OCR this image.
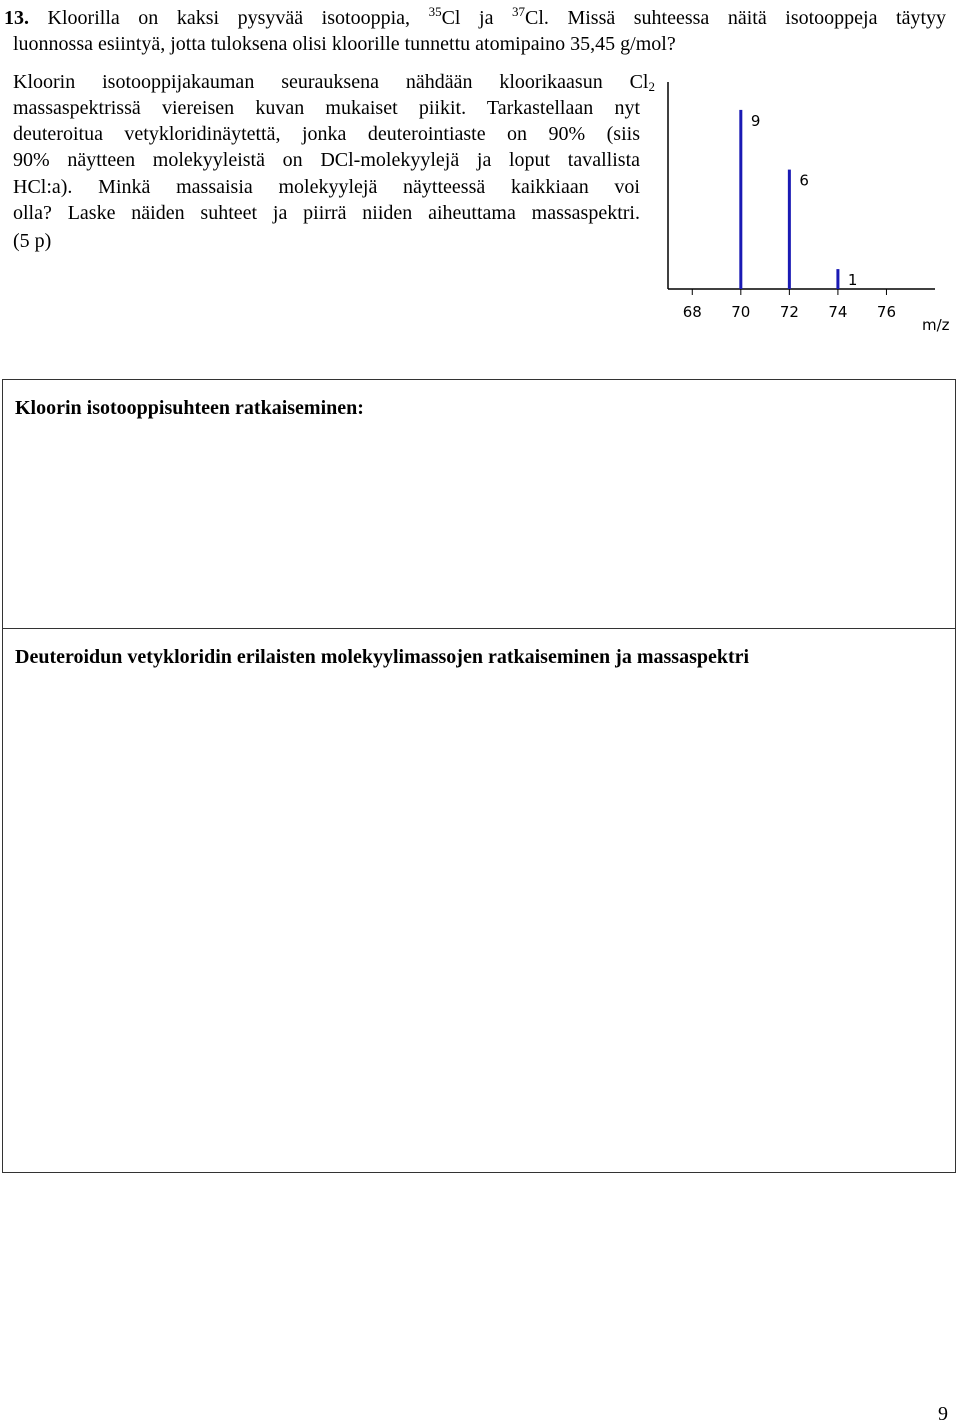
13. Kloorilla on kaksi pysyvää isotooppia, $^{35}$Cl ja $^{37}$Cl. Missä suhteessa näitä isotooppeja täytyy
luonnossa esiintyä, jotta tuloksena olisi kloorille tunnettu atomipaino 35,45 g/mol?
Kloorin isotooppijakauman seurauksena nähdään kloorikaasun $Cl_2$
massaspektrissä viereisen kuvan mukaiset piikit. Tarkastellaan nyt
deuteroitua vetykloridinäytettä, jonka deuterointiaste on 90% (siis
90% näytteen molekyyleistä on DCl-molekyylejä ja loput tavallista
HCl:a). Minkä massaisia molekyylejä näytteessä kaikkiaan voi
olla? Laske näiden suhteet ja piirrä niiden aiheuttama massaspektri.
(5 p)
68 70 72 74 76
9
6
1
m/z
Kloorin isotooppisuhteen ratkaiseminen:
Deuteroidun vetykloridin erilaisten molekyylimassojen ratkaiseminen ja massaspektri
9
